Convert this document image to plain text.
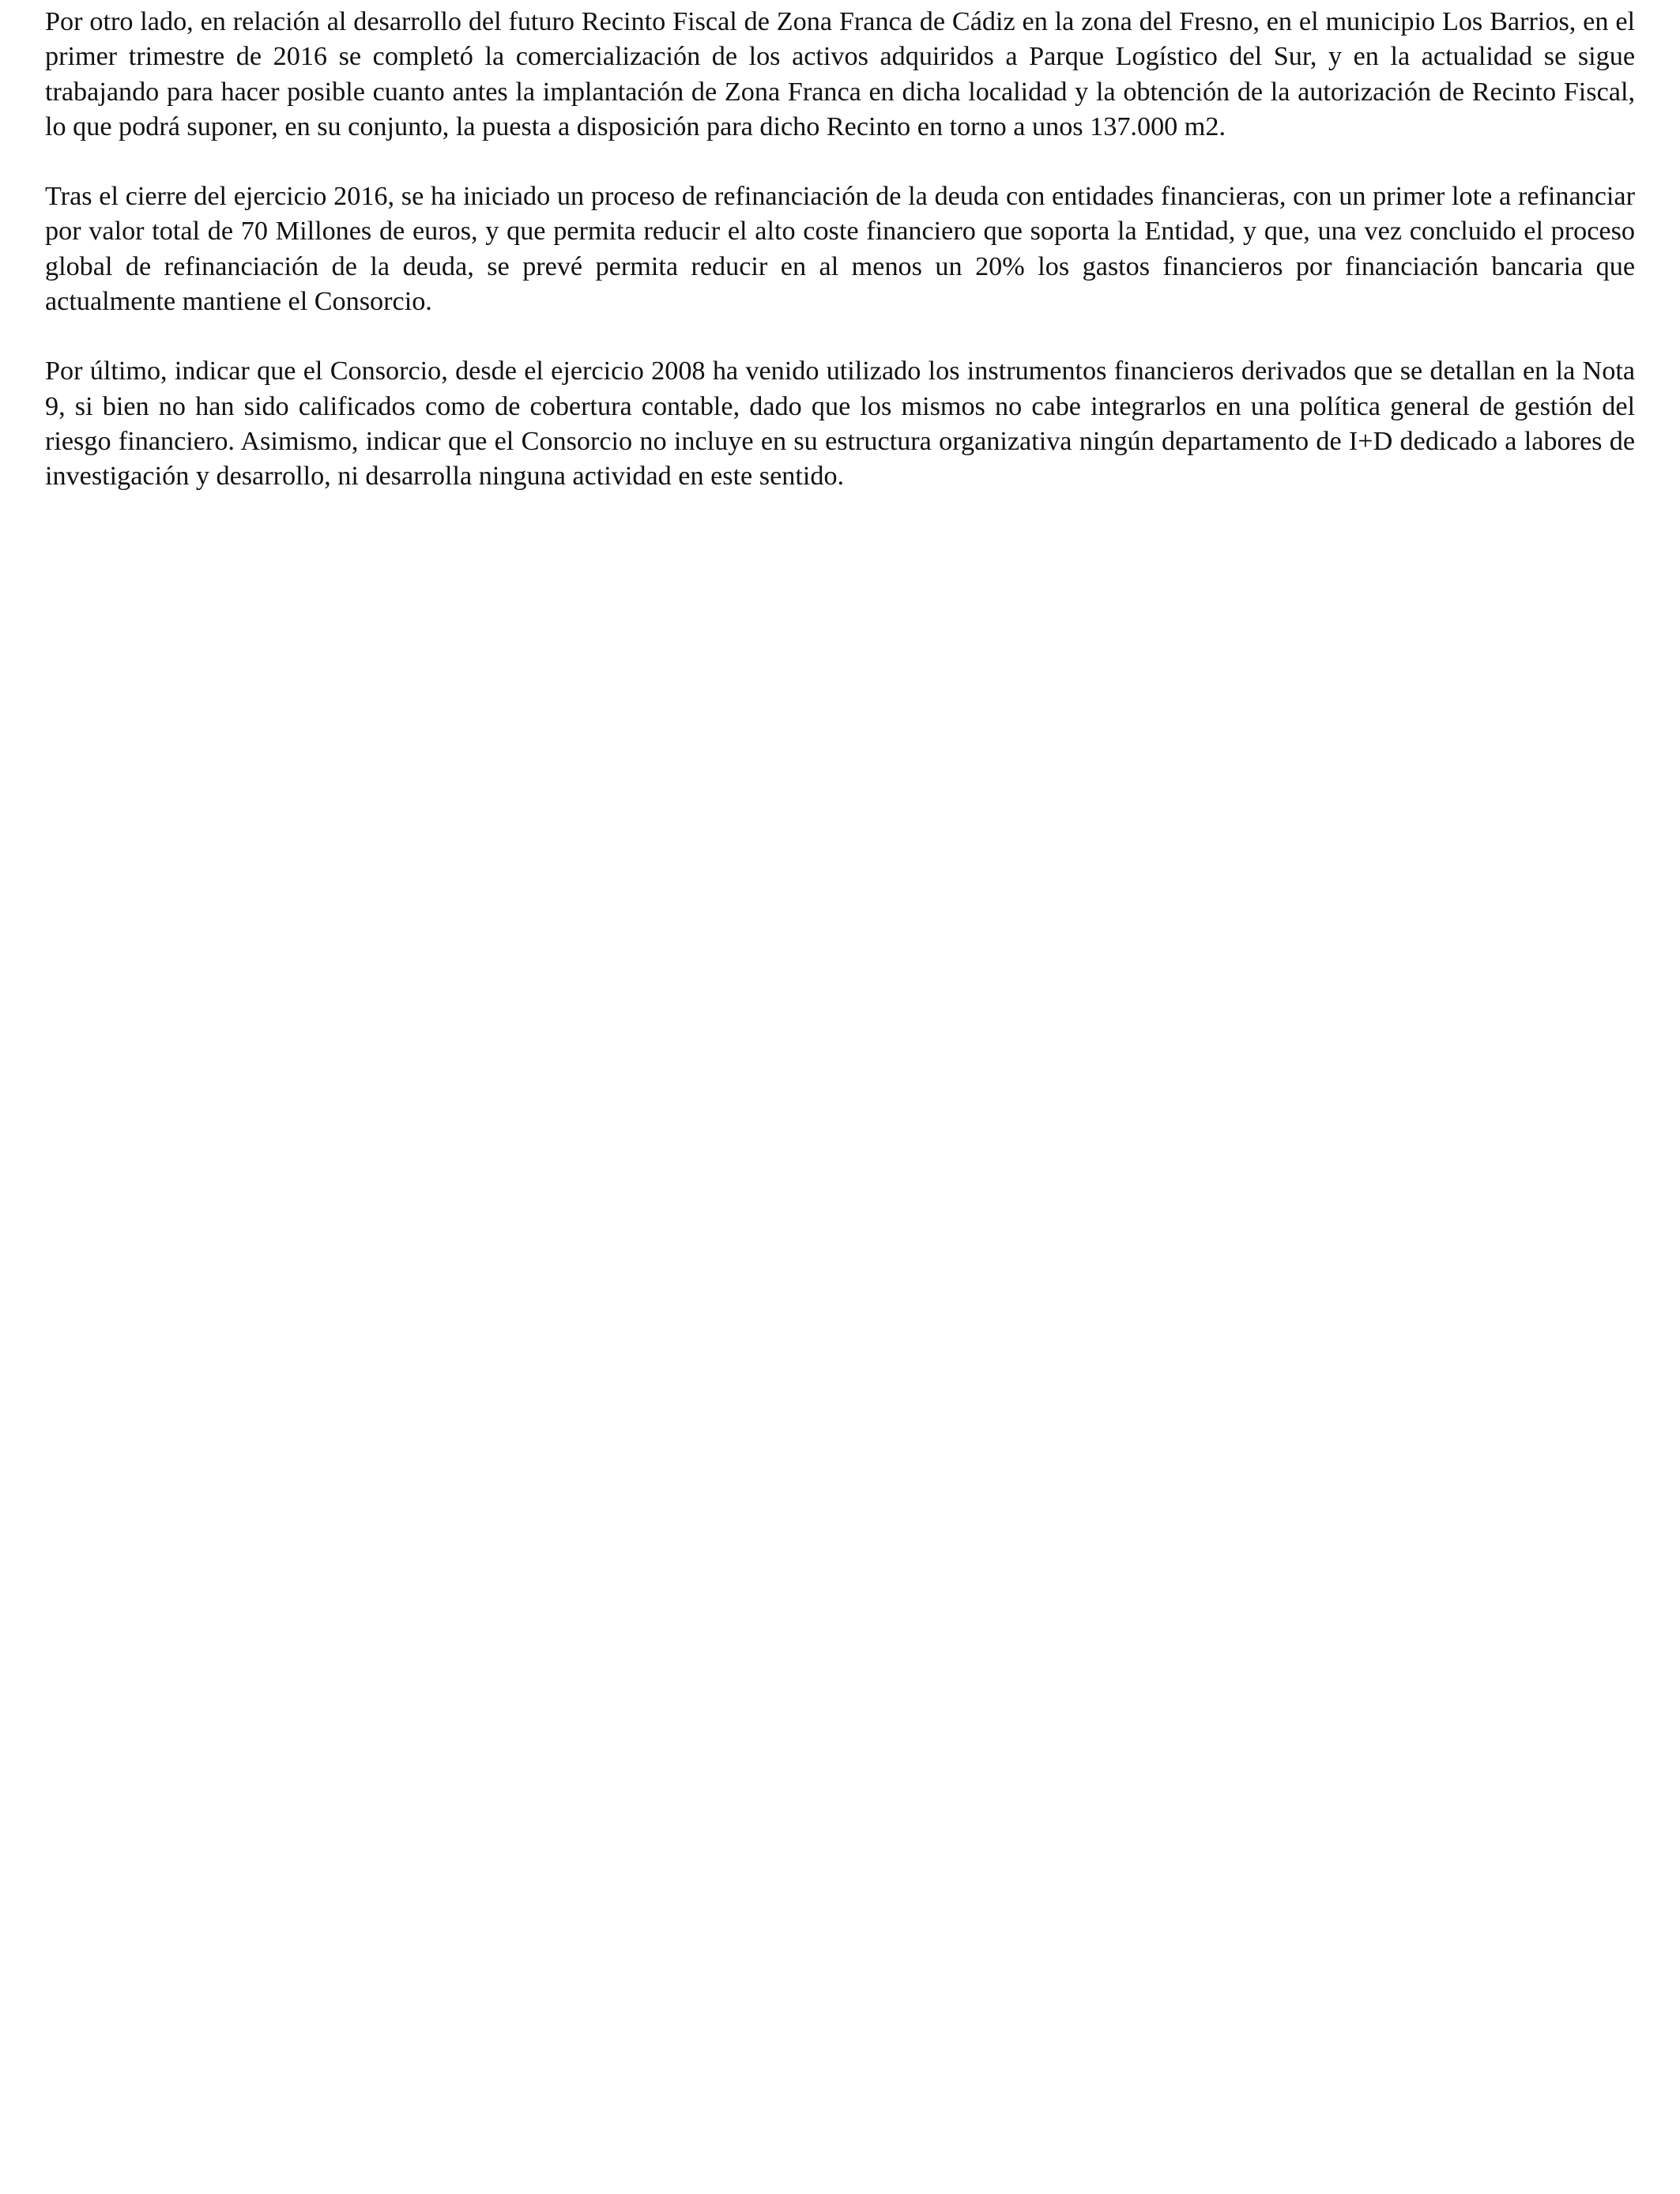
Por otro lado, en relación al desarrollo del futuro Recinto Fiscal de Zona Franca de Cádiz en la zona del Fresno, en el municipio Los Barrios, en el primer trimestre de 2016 se completó la comercialización de los activos adquiridos a Parque Logístico del Sur, y en la actualidad se sigue trabajando para hacer posible cuanto antes la implantación de Zona Franca en dicha localidad y la obtención de la autorización de Recinto Fiscal, lo que podrá suponer, en su conjunto, la puesta a disposición para dicho Recinto en torno a unos 137.000 m2.

Tras el cierre del ejercicio 2016, se ha iniciado un proceso de refinanciación de la deuda con entidades financieras, con un primer lote a refinanciar por valor total de 70 Millones de euros, y que permita reducir el alto coste financiero que soporta la Entidad, y que, una vez concluido el proceso global de refinanciación de la deuda, se prevé permita reducir en al menos un 20% los gastos financieros por financiación bancaria que actualmente mantiene el Consorcio.

Por último, indicar que el Consorcio, desde el ejercicio 2008 ha venido utilizado los instrumentos financieros derivados que se detallan en la Nota 9, si bien no han sido calificados como de cobertura contable, dado que los mismos no cabe integrarlos en una política general de gestión del riesgo financiero. Asimismo, indicar que el Consorcio no incluye en su estructura organizativa ningún departamento de I+D dedicado a labores de investigación y desarrollo, ni desarrolla ninguna actividad en este sentido.
